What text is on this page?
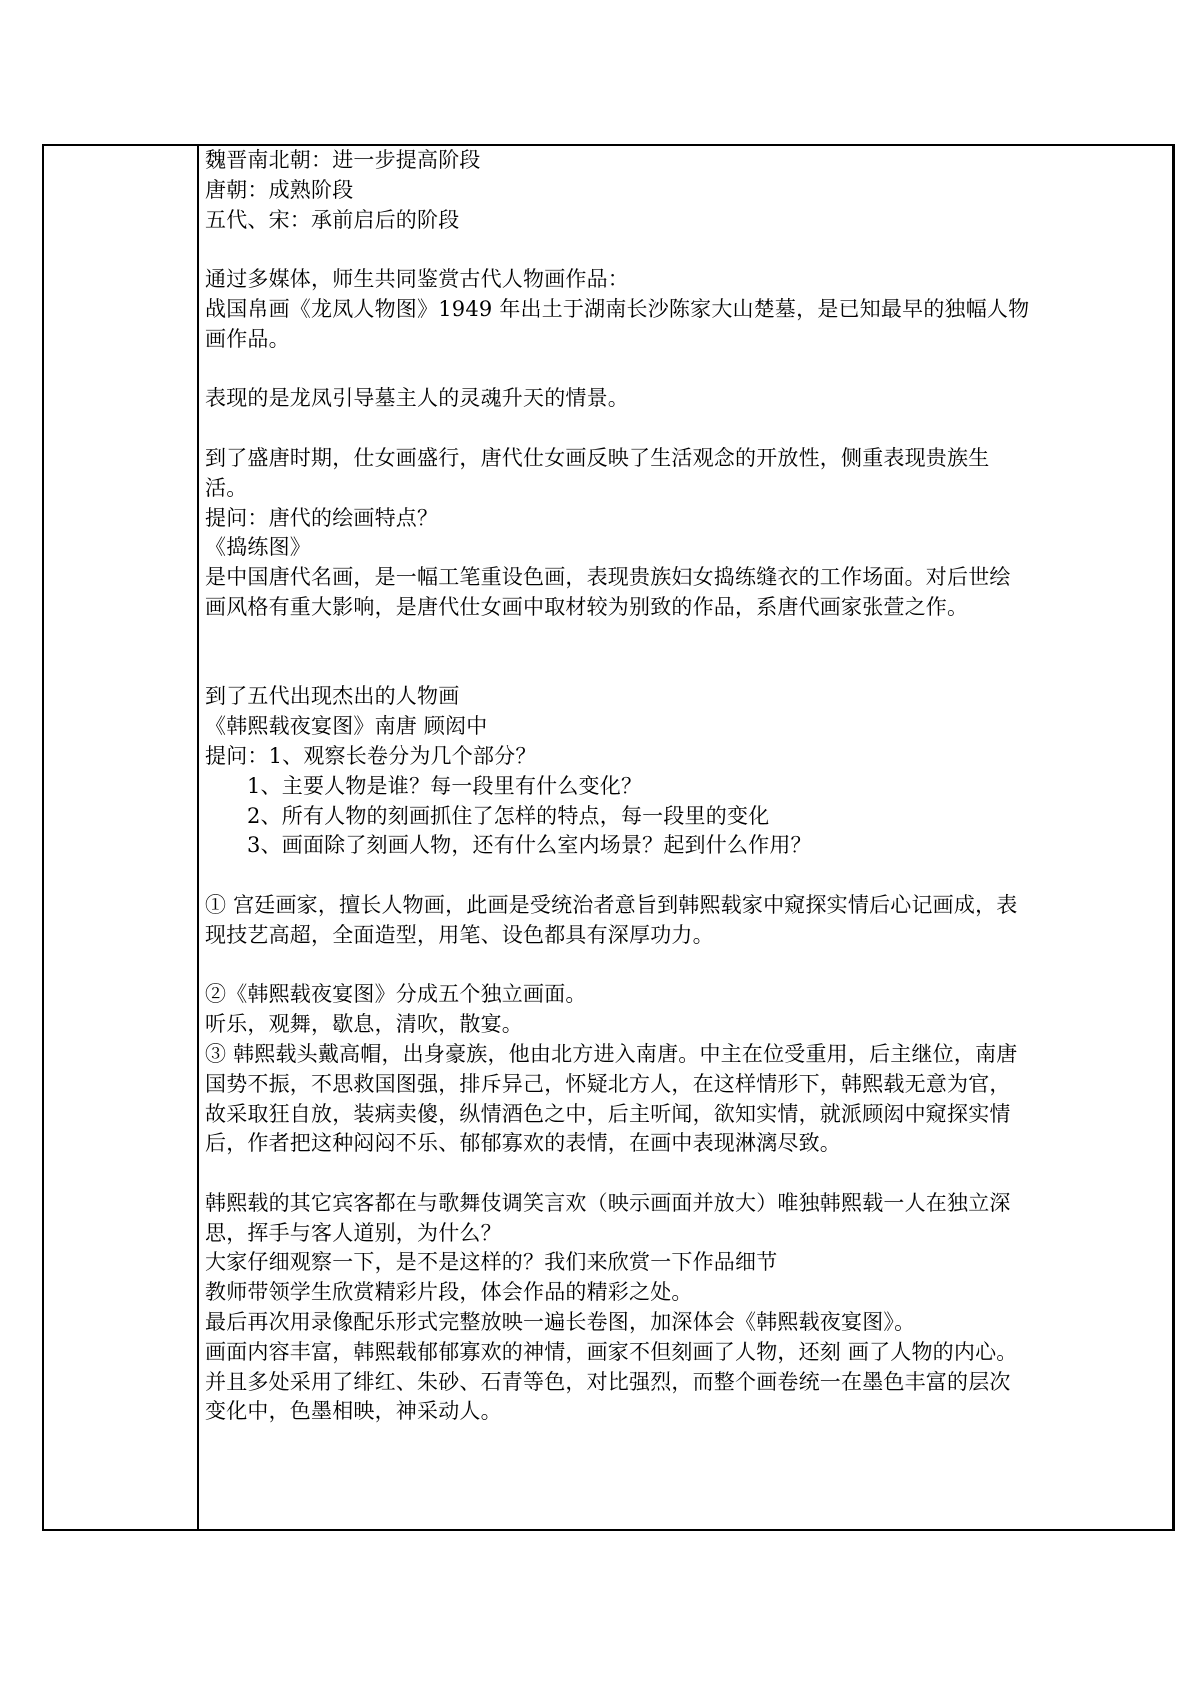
魏晋南北朝：进一步提高阶段
唐朝：成熟阶段
五代、宋：承前启后的阶段
通过多媒体，师生共同鉴赏古代人物画作品：
战国帛画《龙凤人物图》1949 年出土于湖南长沙陈家大山楚墓，是已知最早的独幅人物
画作品。
表现的是龙凤引导墓主人的灵魂升天的情景。
到了盛唐时期，仕女画盛行，唐代仕女画反映了生活观念的开放性，侧重表现贵族生
活。
提问：唐代的绘画特点？
《捣练图》
是中国唐代名画，是一幅工笔重设色画，表现贵族妇女捣练缝衣的工作场面。对后世绘
画风格有重大影响，是唐代仕女画中取材较为别致的作品，系唐代画家张萱之作。
到了五代出现杰出的人物画
《韩熙载夜宴图》南唐 顾闳中
提问：1、观察长卷分为几个部分？
1、主要人物是谁？每一段里有什么变化？
2、所有人物的刻画抓住了怎样的特点，每一段里的变化
3、画面除了刻画人物，还有什么室内场景？起到什么作用？
① 宫廷画家，擅长人物画，此画是受统治者意旨到韩熙载家中窥探实情后心记画成，表
现技艺高超，全面造型，用笔、设色都具有深厚功力。
②《韩熙载夜宴图》分成五个独立画面。
听乐，观舞，歇息，清吹，散宴。
③ 韩熙载头戴高帽，出身豪族，他由北方进入南唐。中主在位受重用，后主继位，南唐
国势不振，不思救国图强，排斥异己，怀疑北方人，在这样情形下，韩熙载无意为官，
故采取狂自放，装病卖傻，纵情酒色之中，后主听闻，欲知实情，就派顾闳中窥探实情
后，作者把这种闷闷不乐、郁郁寡欢的表情，在画中表现淋漓尽致。
韩熙载的其它宾客都在与歌舞伎调笑言欢（映示画面并放大）唯独韩熙载一人在独立深
思，挥手与客人道别，为什么？
大家仔细观察一下，是不是这样的？我们来欣赏一下作品细节
教师带领学生欣赏精彩片段，体会作品的精彩之处。
最后再次用录像配乐形式完整放映一遍长卷图，加深体会《韩熙载夜宴图》。
画面内容丰富，韩熙载郁郁寡欢的神情，画家不但刻画了人物，还刻 画了人物的内心。
并且多处采用了绯红、朱砂、石青等色，对比强烈，而整个画卷统一在墨色丰富的层次
变化中，色墨相映，神采动人。
